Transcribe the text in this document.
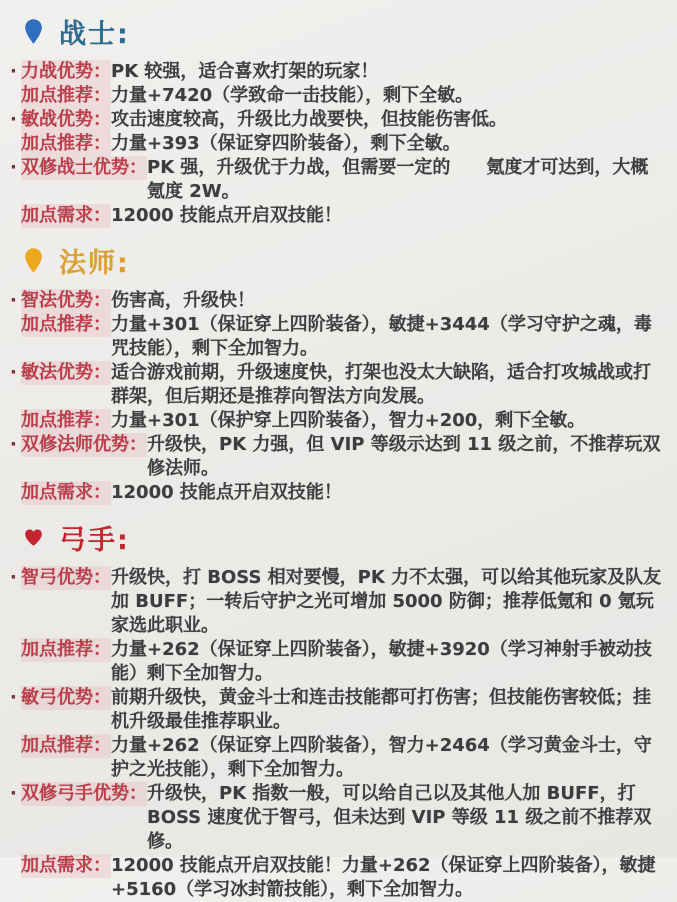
战士:
· 力战优势： PK 较强，适合喜欢打架的玩家！
加点推荐： 力量+7420（学致命一击技能），剩下全敏。
· 敏战优势： 攻击速度较高，升级比力战要快，但技能伤害低。
加点推荐： 力量+393（保证穿四阶装备），剩下全敏。
· 双修战士优势： PK 强，升级优于力战，但需要一定的　　氪度才可达到，大概氪度 2W。
加点需求： 12000 技能点开启双技能！
法师:
· 智法优势： 伤害高，升级快！
加点推荐： 力量+301（保证穿上四阶装备），敏捷+3444（学习守护之魂，毒咒技能），剩下全加智力。
· 敏法优势： 适合游戏前期，升级速度快，打架也没太大缺陷，适合打攻城战或打群架，但后期还是推荐向智法方向发展。
加点推荐： 力量+301（保护穿上四阶装备），智力+200，剩下全敏。
· 双修法师优势： 升级快，PK 力强，但 VIP 等级示达到 11 级之前，不推荐玩双修法师。
加点需求： 12000 技能点开启双技能！
弓手:
· 智弓优势： 升级快，打 BOSS 相对要慢，PK 力不太强，可以给其他玩家及队友加 BUFF；一转后守护之光可增加 5000 防御；推荐低氪和 0 氪玩家选此职业。
加点推荐： 力量+262（保证穿上四阶装备），敏捷+3920（学习神射手被动技能）剩下全加智力。
· 敏弓优势： 前期升级快，黄金斗士和连击技能都可打伤害；但技能伤害较低；挂机升级最佳推荐职业。
加点推荐： 力量+262（保证穿上四阶装备），智力+2464（学习黄金斗士，守护之光技能），剩下全加智力。
· 双修弓手优势： 升级快，PK 指数一般，可以给自己以及其他人加 BUFF，打 BOSS 速度优于智弓，但未达到 VIP 等级 11 级之前不推荐双修。
加点需求： 12000 技能点开启双技能！力量+262（保证穿上四阶装备），敏捷+5160（学习冰封箭技能），剩下全加智力。
